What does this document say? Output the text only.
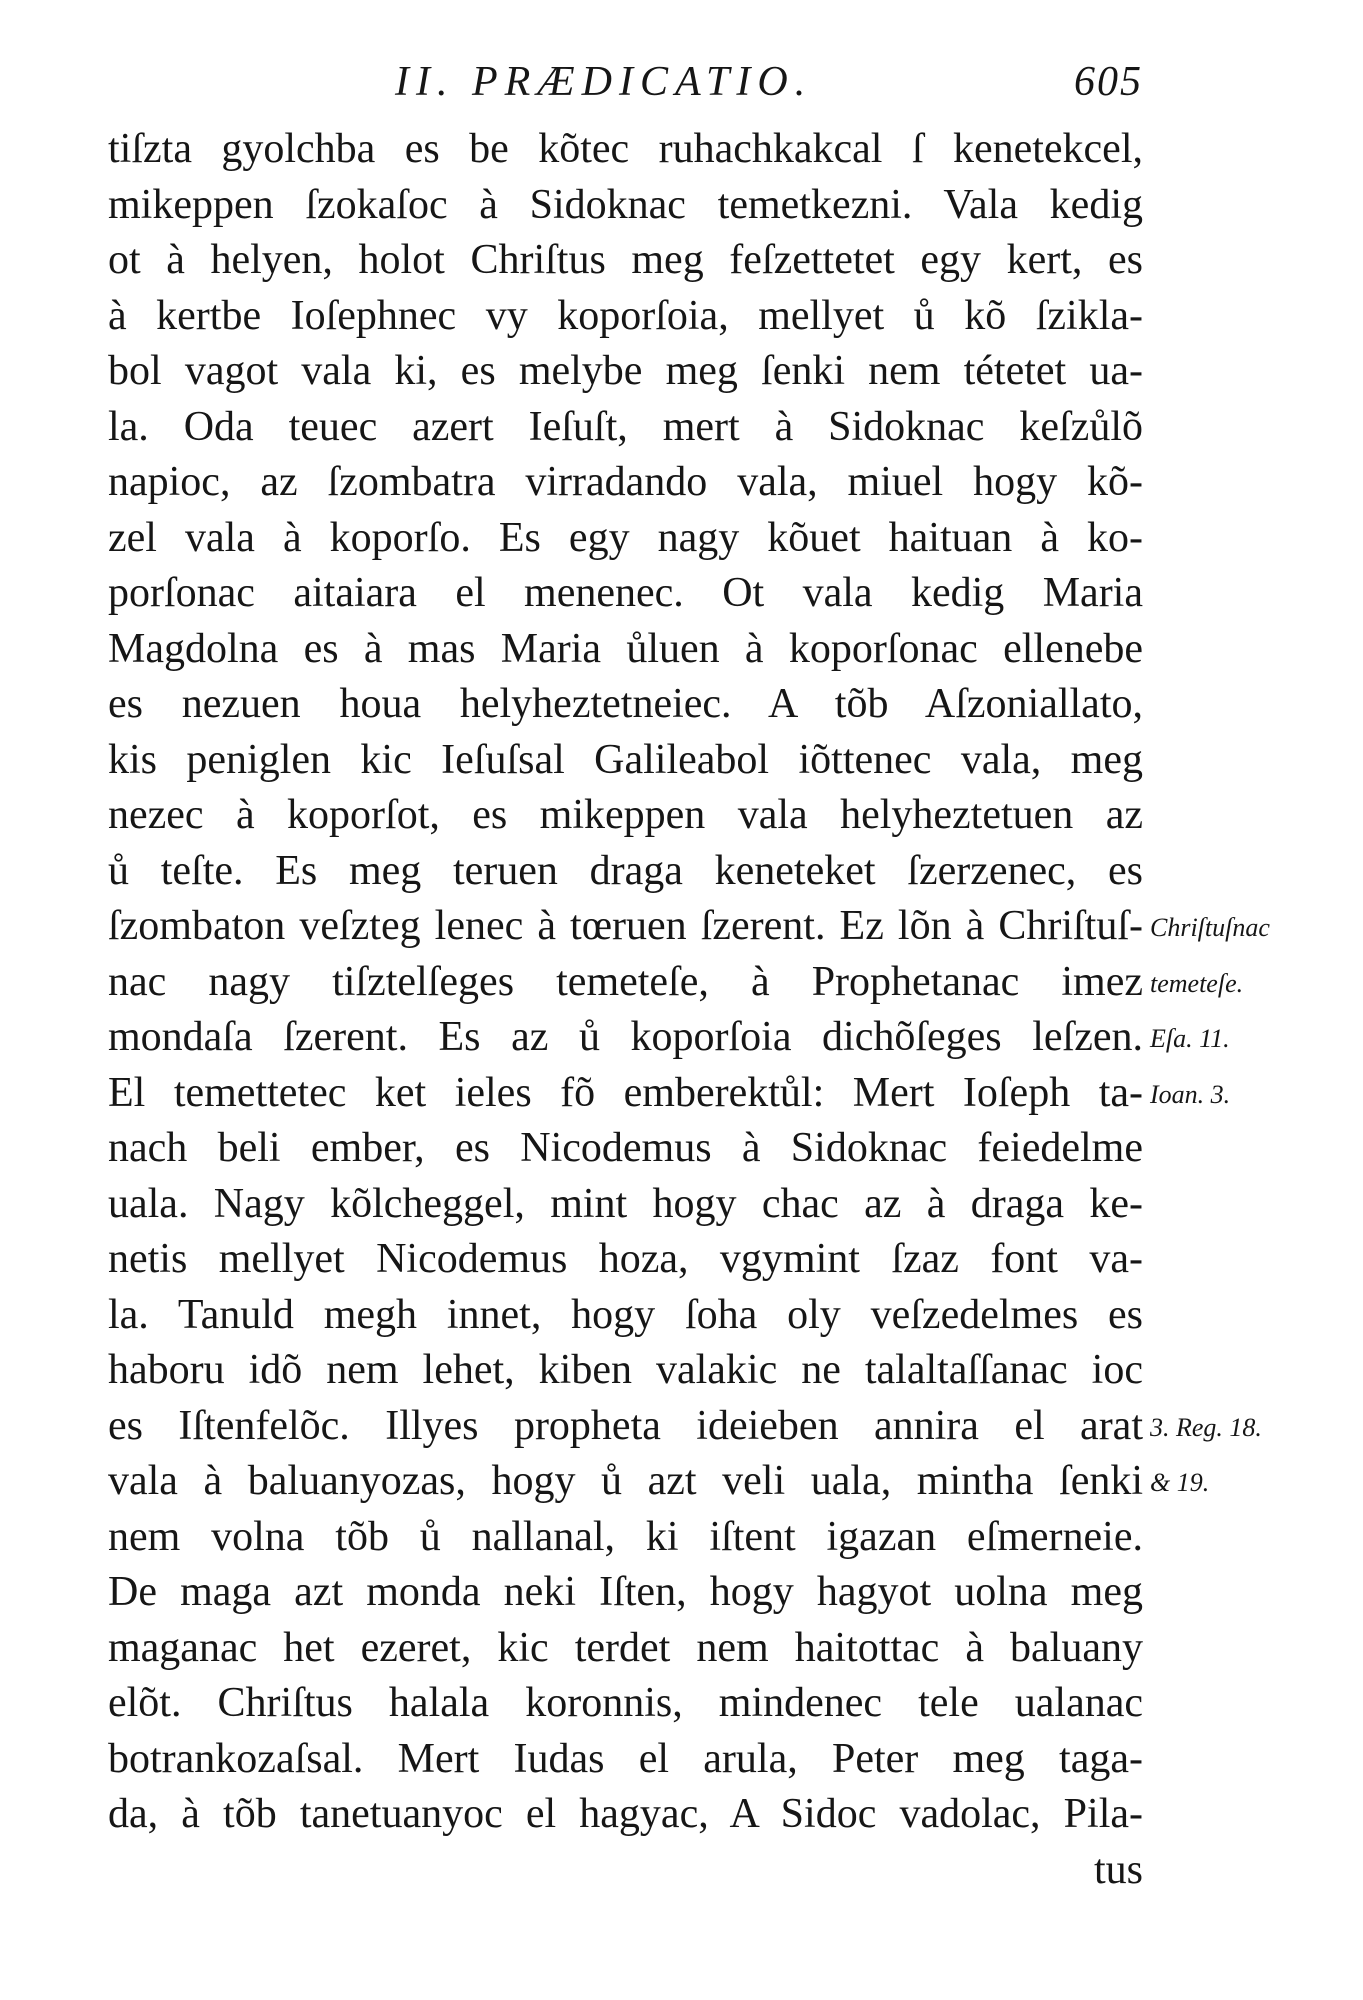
II. PRÆDICATIO.	605
tiſzta gyolchba es be kõtec ruhachkakcal ſ kenetekcel,
mikeppen ſzokaſoc à Sidoknac temetkezni. Vala kedig
ot à helyen, holot Chriſtus meg feſzettetet egy kert, es
à kertbe Ioſephnec vy koporſoia, mellyet ů kõ ſzikla-
bol vagot vala ki, es melybe meg ſenki nem tétetet ua-
la. Oda teuec azert Ieſuſt, mert à Sidoknac keſzůlõ
napioc, az ſzombatra virradando vala, miuel hogy kõ-
zel vala à koporſo. Es egy nagy kõuet haituan à ko-
porſonac aitaiara el menenec. Ot vala kedig Maria
Magdolna es à mas Maria ůluen à koporſonac ellenebe
es nezuen houa helyheztetneiec. A tõb Aſzoniallato,
kis peniglen kic Ieſuſsal Galileabol iõttenec vala, meg
nezec à koporſot, es mikeppen vala helyheztetuen az
ů teſte. Es meg teruen draga keneteket ſzerzenec, es
ſzombaton veſzteg lenec à tœruen ſzerent. Ez lõn à Chriſtuſ-
nac nagy tiſztelſeges temeteſe, à Prophetanac imez
mondaſa ſzerent. Es az ů koporſoia dichõſeges leſzen.
El temettetec ket ieles fõ emberektůl: Mert Ioſeph ta-
nach beli ember, es Nicodemus à Sidoknac feiedelme
uala. Nagy kõlcheggel, mint hogy chac az à draga ke-
netis mellyet Nicodemus hoza, vgymint ſzaz font va-
la. Tanuld megh innet, hogy ſoha oly veſzedelmes es
haboru idõ nem lehet, kiben valakic ne talaltaſſanac ioc
es Iſtenfelõc. Illyes propheta ideieben annira el arat
vala à baluanyozas, hogy ů azt veli uala, mintha ſenki
nem volna tõb ů nallanal, ki iſtent igazan eſmerneie.
De maga azt monda neki Iſten, hogy hagyot uolna meg
maganac het ezeret, kic terdet nem haitottac à baluany
elõt. Chriſtus halala koronnis, mindenec tele ualanac
botrankozaſsal. Mert Iudas el arula, Peter meg taga-
da, à tõb tanetuanyoc el hagyac, A Sidoc vadolac, Pila-
tus
Chriſtuſnac
temeteſe.
Eſa. 11.
Ioan. 3.
3. Reg. 18.
& 19.
